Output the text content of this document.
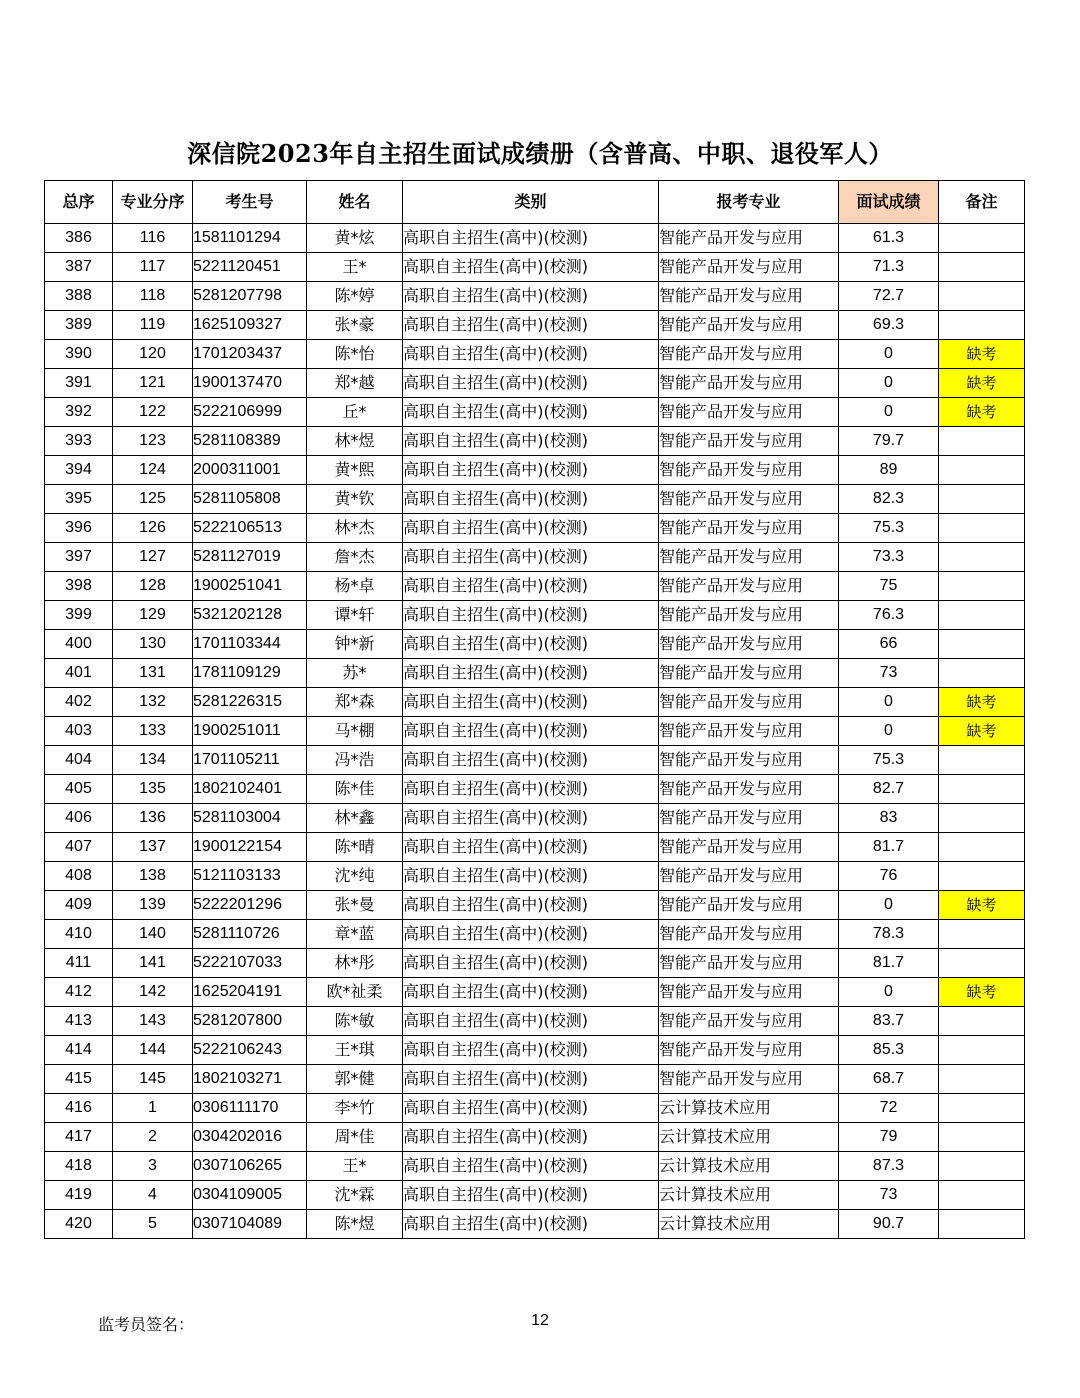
深信院2023年自主招生面试成绩册（含普高、中职、退役军人）
总序	专业分序	考生号	姓名	类别	报考专业	面试成绩	备注
386	116	1581101294	黄*炫	高职自主招生(高中)(校测)	智能产品开发与应用	61.3	
387	117	5221120451	王*	高职自主招生(高中)(校测)	智能产品开发与应用	71.3	
388	118	5281207798	陈*婷	高职自主招生(高中)(校测)	智能产品开发与应用	72.7	
389	119	1625109327	张*豪	高职自主招生(高中)(校测)	智能产品开发与应用	69.3	
390	120	1701203437	陈*怡	高职自主招生(高中)(校测)	智能产品开发与应用	0	缺考
391	121	1900137470	郑*越	高职自主招生(高中)(校测)	智能产品开发与应用	0	缺考
392	122	5222106999	丘*	高职自主招生(高中)(校测)	智能产品开发与应用	0	缺考
393	123	5281108389	林*煜	高职自主招生(高中)(校测)	智能产品开发与应用	79.7	
394	124	2000311001	黄*熙	高职自主招生(高中)(校测)	智能产品开发与应用	89	
395	125	5281105808	黄*钦	高职自主招生(高中)(校测)	智能产品开发与应用	82.3	
396	126	5222106513	林*杰	高职自主招生(高中)(校测)	智能产品开发与应用	75.3	
397	127	5281127019	詹*杰	高职自主招生(高中)(校测)	智能产品开发与应用	73.3	
398	128	1900251041	杨*卓	高职自主招生(高中)(校测)	智能产品开发与应用	75	
399	129	5321202128	谭*轩	高职自主招生(高中)(校测)	智能产品开发与应用	76.3	
400	130	1701103344	钟*新	高职自主招生(高中)(校测)	智能产品开发与应用	66	
401	131	1781109129	苏*	高职自主招生(高中)(校测)	智能产品开发与应用	73	
402	132	5281226315	郑*森	高职自主招生(高中)(校测)	智能产品开发与应用	0	缺考
403	133	1900251011	马*棚	高职自主招生(高中)(校测)	智能产品开发与应用	0	缺考
404	134	1701105211	冯*浩	高职自主招生(高中)(校测)	智能产品开发与应用	75.3	
405	135	1802102401	陈*佳	高职自主招生(高中)(校测)	智能产品开发与应用	82.7	
406	136	5281103004	林*鑫	高职自主招生(高中)(校测)	智能产品开发与应用	83	
407	137	1900122154	陈*晴	高职自主招生(高中)(校测)	智能产品开发与应用	81.7	
408	138	5121103133	沈*纯	高职自主招生(高中)(校测)	智能产品开发与应用	76	
409	139	5222201296	张*曼	高职自主招生(高中)(校测)	智能产品开发与应用	0	缺考
410	140	5281110726	章*蓝	高职自主招生(高中)(校测)	智能产品开发与应用	78.3	
411	141	5222107033	林*彤	高职自主招生(高中)(校测)	智能产品开发与应用	81.7	
412	142	1625204191	欧*祉柔	高职自主招生(高中)(校测)	智能产品开发与应用	0	缺考
413	143	5281207800	陈*敏	高职自主招生(高中)(校测)	智能产品开发与应用	83.7	
414	144	5222106243	王*琪	高职自主招生(高中)(校测)	智能产品开发与应用	85.3	
415	145	1802103271	郭*健	高职自主招生(高中)(校测)	智能产品开发与应用	68.7	
416	1	0306111170	李*竹	高职自主招生(高中)(校测)	云计算技术应用	72	
417	2	0304202016	周*佳	高职自主招生(高中)(校测)	云计算技术应用	79	
418	3	0307106265	王*	高职自主招生(高中)(校测)	云计算技术应用	87.3	
419	4	0304109005	沈*霖	高职自主招生(高中)(校测)	云计算技术应用	73	
420	5	0307104089	陈*煜	高职自主招生(高中)(校测)	云计算技术应用	90.7	
监考员签名：	12
